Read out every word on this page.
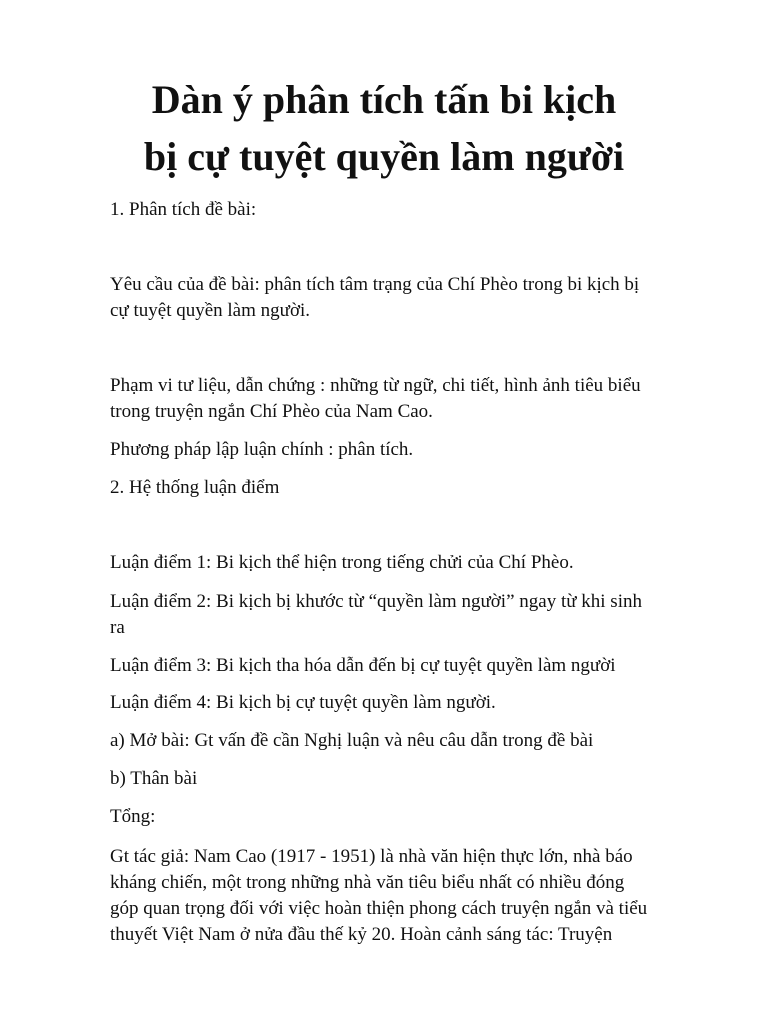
Dàn ý phân tích tấn bi kịch
bị cự tuyệt quyền làm người

1. Phân tích đề bài:

Yêu cầu của đề bài: phân tích tâm trạng của Chí Phèo trong bi kịch bị

cự tuyệt quyền làm người.

Phạm vi tư liệu, dẫn chứng : những từ ngữ, chi tiết, hình ảnh tiêu biểu

trong truyện ngắn Chí Phèo của Nam Cao.

Phương pháp lập luận chính : phân tích.

2. Hệ thống luận điểm

Luận điểm 1: Bi kịch thể hiện trong tiếng chửi của Chí Phèo.

Luận điểm 2: Bi kịch bị khước từ “quyền làm người” ngay từ khi sinh

ra

Luận điểm 3: Bi kịch tha hóa dẫn đến bị cự tuyệt quyền làm người

Luận điểm 4: Bi kịch bị cự tuyệt quyền làm người.

a) Mở bài: Gt vấn đề cần Nghị luận và nêu câu dẫn trong đề bài

b) Thân bài

Tổng:

Gt tác giả: Nam Cao (1917 - 1951) là nhà văn hiện thực lớn, nhà báo

kháng chiến, một trong những nhà văn tiêu biểu nhất có nhiều đóng

góp quan trọng đối với việc hoàn thiện phong cách truyện ngắn và tiểu

thuyết Việt Nam ở nửa đầu thế kỷ 20. Hoàn cảnh sáng tác: Truyện
